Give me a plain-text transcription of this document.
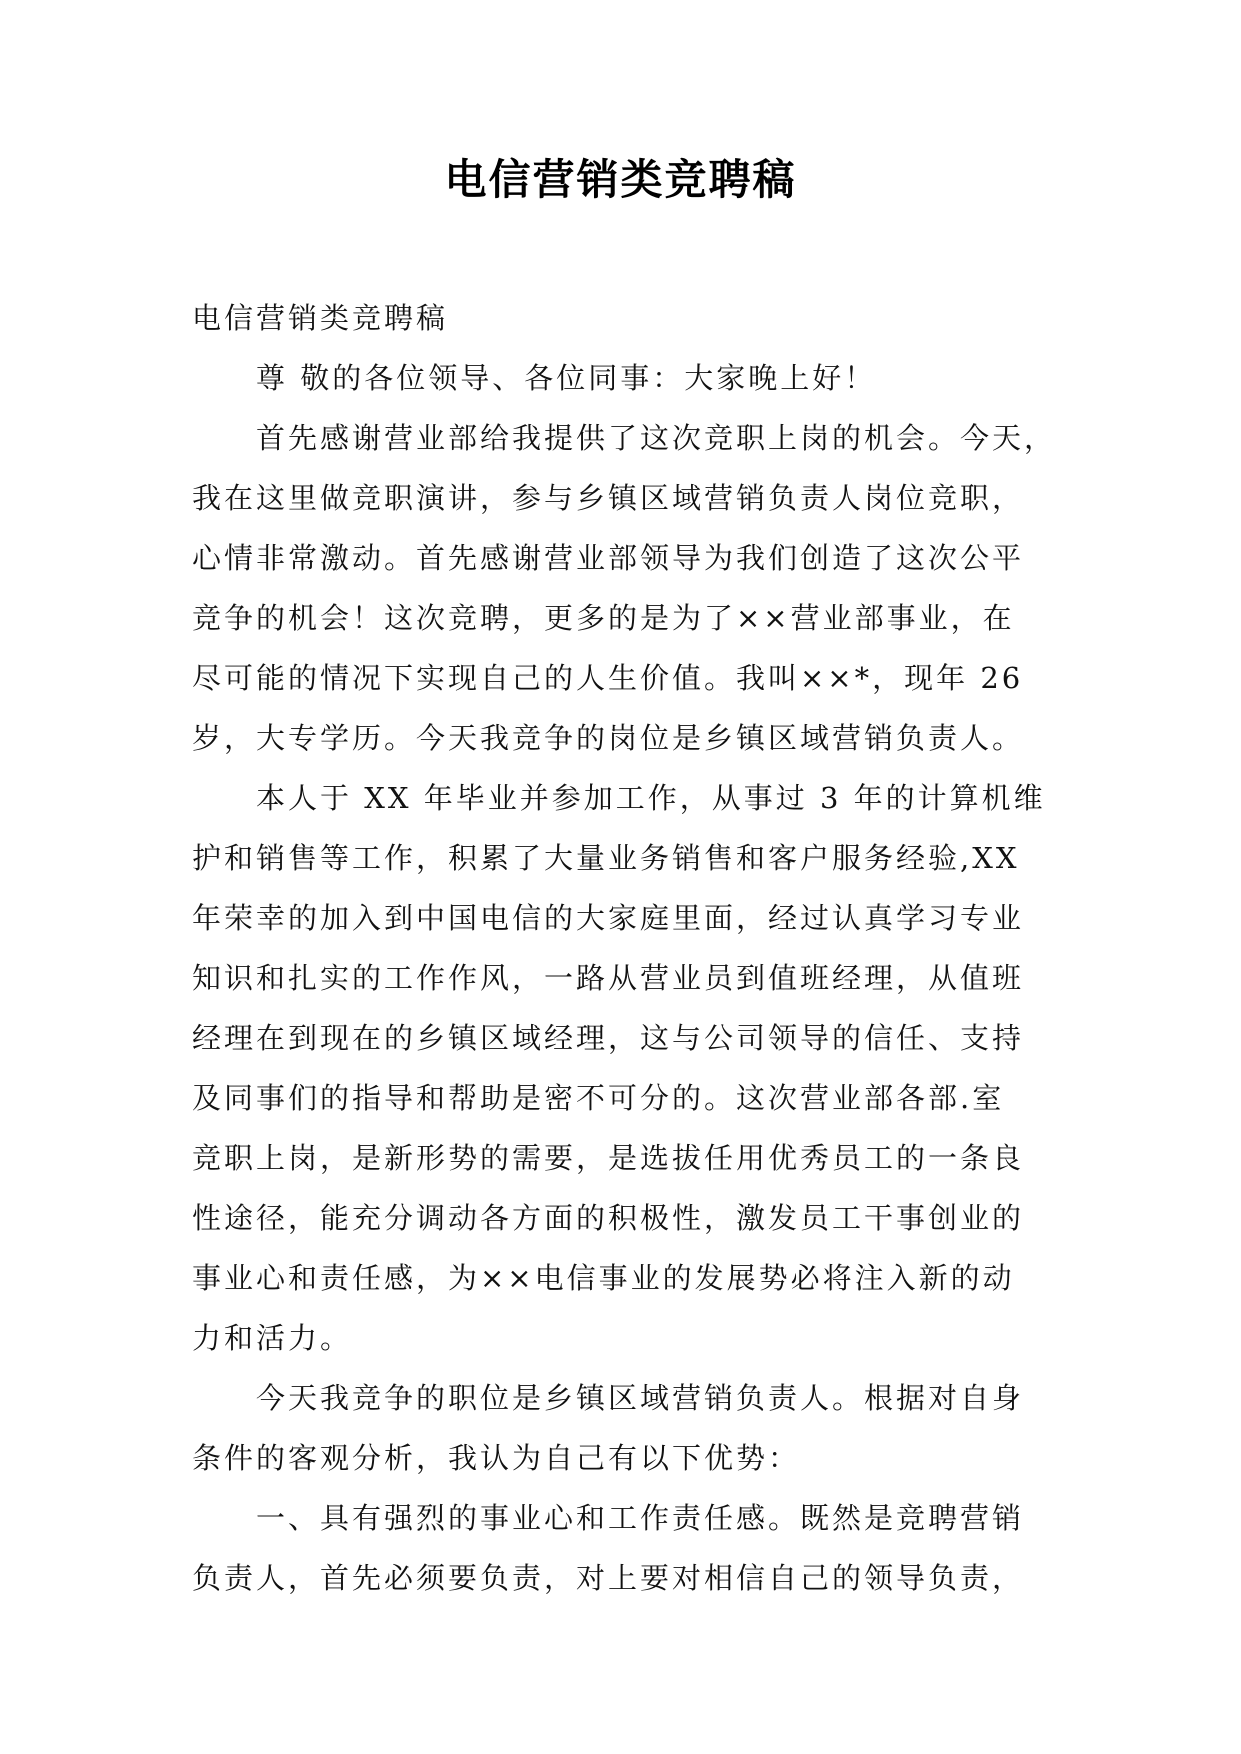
电信营销类竞聘稿
电信营销类竞聘稿
尊 敬的各位领导、各位同事：大家晚上好！
首先感谢营业部给我提供了这次竞职上岗的机会。今天，
我在这里做竞职演讲，参与乡镇区域营销负责人岗位竞职，
心情非常激动。首先感谢营业部领导为我们创造了这次公平
竞争的机会！这次竞聘，更多的是为了××营业部事业，在
尽可能的情况下实现自己的人生价值。我叫××*，现年 26
岁，大专学历。今天我竞争的岗位是乡镇区域营销负责人。
本人于 XX 年毕业并参加工作，从事过 3 年的计算机维
护和销售等工作，积累了大量业务销售和客户服务经验,XX
年荣幸的加入到中国电信的大家庭里面，经过认真学习专业
知识和扎实的工作作风，一路从营业员到值班经理，从值班
经理在到现在的乡镇区域经理，这与公司领导的信任、支持
及同事们的指导和帮助是密不可分的。这次营业部各部.室
竞职上岗，是新形势的需要，是选拔任用优秀员工的一条良
性途径，能充分调动各方面的积极性，激发员工干事创业的
事业心和责任感，为××电信事业的发展势必将注入新的动
力和活力。
今天我竞争的职位是乡镇区域营销负责人。根据对自身
条件的客观分析，我认为自己有以下优势：
一、具有强烈的事业心和工作责任感。既然是竞聘营销
负责人，首先必须要负责，对上要对相信自己的领导负责，
